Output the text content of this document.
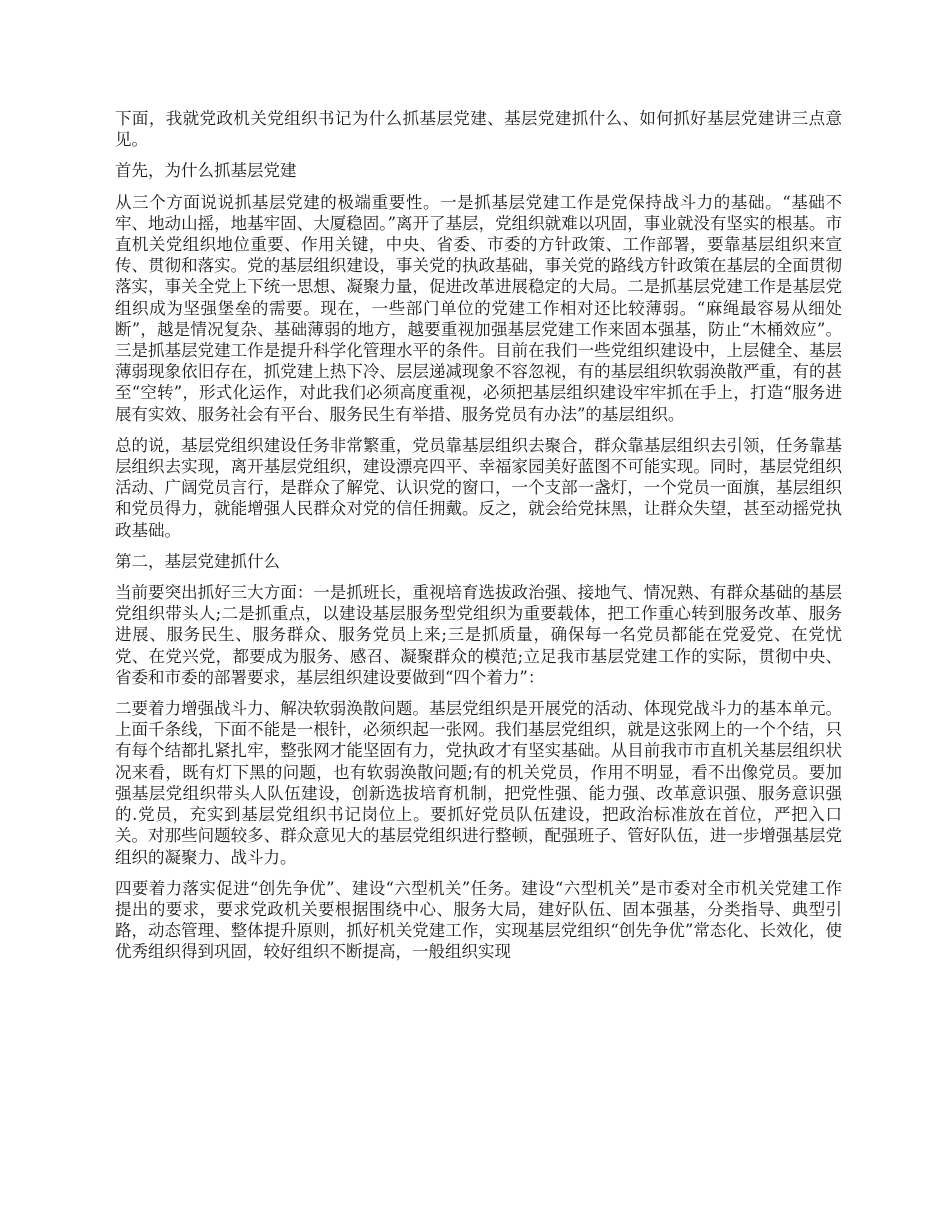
下面，我就党政机关党组织书记为什么抓基层党建、基层党建抓什么、如何抓好基层党建讲三点意见。

首先，为什么抓基层党建

从三个方面说说抓基层党建的极端重要性。一是抓基层党建工作是党保持战斗力的基础。“基础不牢、地动山摇，地基牢固、大厦稳固。”离开了基层，党组织就难以巩固，事业就没有坚实的根基。市直机关党组织地位重要、作用关键，中央、省委、市委的方针政策、工作部署，要靠基层组织来宣传、贯彻和落实。党的基层组织建设，事关党的执政基础，事关党的路线方针政策在基层的全面贯彻落实，事关全党上下统一思想、凝聚力量，促进改革进展稳定的大局。二是抓基层党建工作是基层党组织成为坚强堡垒的需要。现在，一些部门单位的党建工作相对还比较薄弱。“麻绳最容易从细处断”，越是情况复杂、基础薄弱的地方，越要重视加强基层党建工作来固本强基，防止“木桶效应”。三是抓基层党建工作是提升科学化管理水平的条件。目前在我们一些党组织建设中，上层健全、基层薄弱现象依旧存在，抓党建上热下冷、层层递减现象不容忽视，有的基层组织软弱涣散严重，有的甚至“空转”，形式化运作，对此我们必须高度重视，必须把基层组织建设牢牢抓在手上，打造“服务进展有实效、服务社会有平台、服务民生有举措、服务党员有办法”的基层组织。

总的说，基层党组织建设任务非常繁重，党员靠基层组织去聚合，群众靠基层组织去引领，任务靠基层组织去实现，离开基层党组织，建设漂亮四平、幸福家园美好蓝图不可能实现。同时，基层党组织活动、广阔党员言行，是群众了解党、认识党的窗口，一个支部一盏灯，一个党员一面旗，基层组织和党员得力，就能增强人民群众对党的信任拥戴。反之，就会给党抹黑，让群众失望，甚至动摇党执政基础。

第二，基层党建抓什么

当前要突出抓好三大方面：一是抓班长，重视培育选拔政治强、接地气、情况熟、有群众基础的基层党组织带头人;二是抓重点，以建设基层服务型党组织为重要载体，把工作重心转到服务改革、服务进展、服务民生、服务群众、服务党员上来;三是抓质量，确保每一名党员都能在党爱党、在党忧党、在党兴党，都要成为服务、感召、凝聚群众的模范;立足我市基层党建工作的实际，贯彻中央、省委和市委的部署要求，基层组织建设要做到“四个着力”：

二要着力增强战斗力、解决软弱涣散问题。基层党组织是开展党的活动、体现党战斗力的基本单元。上面千条线，下面不能是一根针，必须织起一张网。我们基层党组织，就是这张网上的一个个结，只有每个结都扎紧扎牢，整张网才能坚固有力，党执政才有坚实基础。从目前我市市直机关基层组织状况来看，既有灯下黑的问题，也有软弱涣散问题;有的机关党员，作用不明显，看不出像党员。要加强基层党组织带头人队伍建设，创新选拔培育机制，把党性强、能力强、改革意识强、服务意识强的.党员，充实到基层党组织书记岗位上。要抓好党员队伍建设，把政治标准放在首位，严把入口关。对那些问题较多、群众意见大的基层党组织进行整顿，配强班子、管好队伍，进一步增强基层党组织的凝聚力、战斗力。

四要着力落实促进“创先争优”、建设“六型机关”任务。建设“六型机关”是市委对全市机关党建工作提出的要求，要求党政机关要根据围绕中心、服务大局，建好队伍、固本强基，分类指导、典型引路，动态管理、整体提升原则，抓好机关党建工作，实现基层党组织“创先争优”常态化、长效化，使优秀组织得到巩固，较好组织不断提高，一般组织实现
